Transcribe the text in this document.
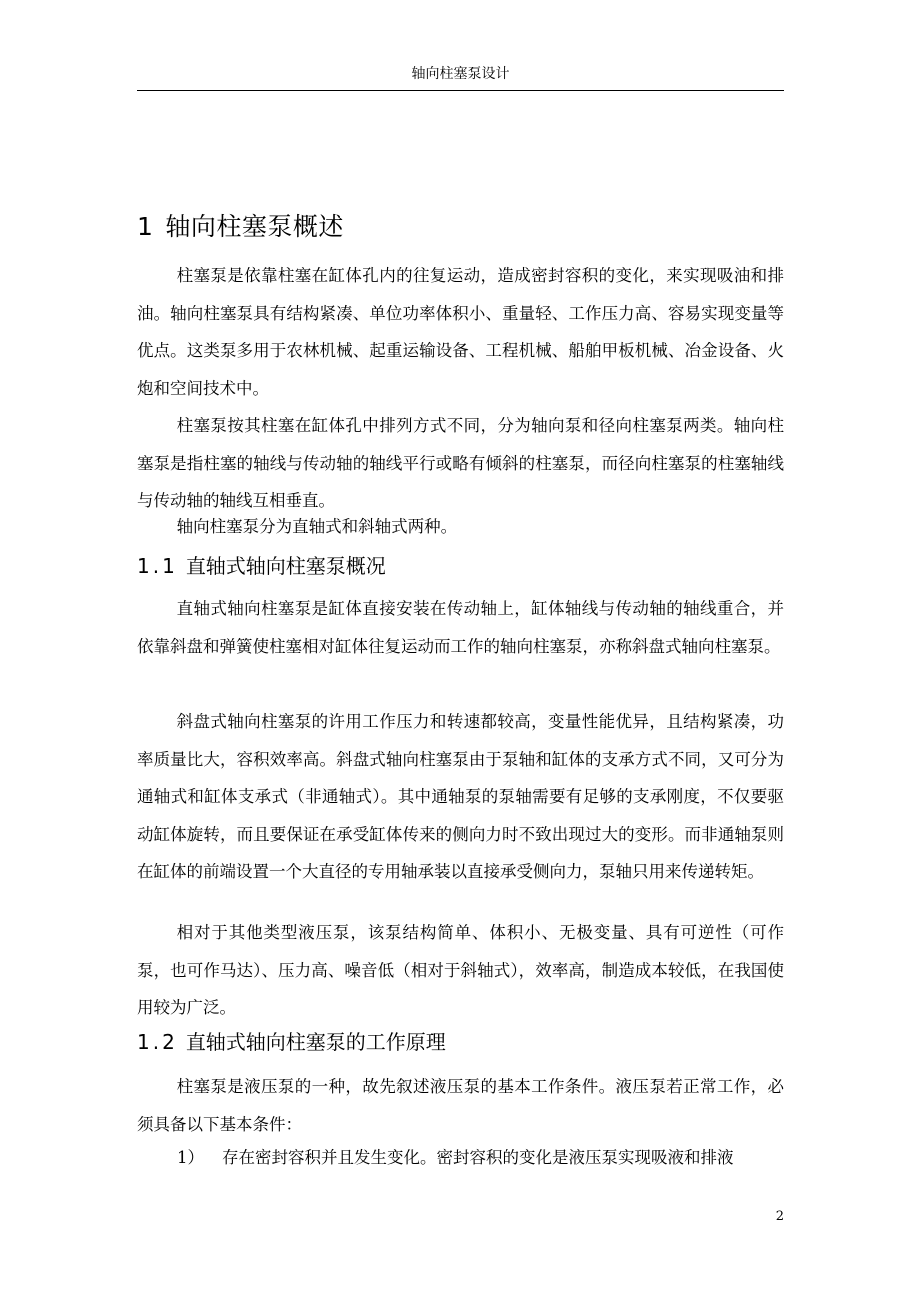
轴向柱塞泵设计
1 轴向柱塞泵概述

柱塞泵是依靠柱塞在缸体孔内的往复运动，造成密封容积的变化，来实现吸油和排油。轴向柱塞泵具有结构紧凑、单位功率体积小、重量轻、工作压力高、容易实现变量等优点。这类泵多用于农林机械、起重运输设备、工程机械、船舶甲板机械、冶金设备、火炮和空间技术中。

柱塞泵按其柱塞在缸体孔中排列方式不同，分为轴向泵和径向柱塞泵两类。轴向柱塞泵是指柱塞的轴线与传动轴的轴线平行或略有倾斜的柱塞泵，而径向柱塞泵的柱塞轴线与传动轴的轴线互相垂直。

轴向柱塞泵分为直轴式和斜轴式两种。

1.1 直轴式轴向柱塞泵概况

直轴式轴向柱塞泵是缸体直接安装在传动轴上，缸体轴线与传动轴的轴线重合，并依靠斜盘和弹簧使柱塞相对缸体往复运动而工作的轴向柱塞泵，亦称斜盘式轴向柱塞泵。

斜盘式轴向柱塞泵的许用工作压力和转速都较高，变量性能优异，且结构紧凑，功率质量比大，容积效率高。斜盘式轴向柱塞泵由于泵轴和缸体的支承方式不同，又可分为通轴式和缸体支承式（非通轴式）。其中通轴泵的泵轴需要有足够的支承刚度，不仅要驱动缸体旋转，而且要保证在承受缸体传来的侧向力时不致出现过大的变形。而非通轴泵则在缸体的前端设置一个大直径的专用轴承装以直接承受侧向力，泵轴只用来传递转矩。

相对于其他类型液压泵，该泵结构简单、体积小、无极变量、具有可逆性（可作泵，也可作马达）、压力高、噪音低（相对于斜轴式），效率高，制造成本较低，在我国使用较为广泛。

1.2 直轴式轴向柱塞泵的工作原理

柱塞泵是液压泵的一种，故先叙述液压泵的基本工作条件。液压泵若正常工作，必须具备以下基本条件：

1） 存在密封容积并且发生变化。密封容积的变化是液压泵实现吸液和排液

2
